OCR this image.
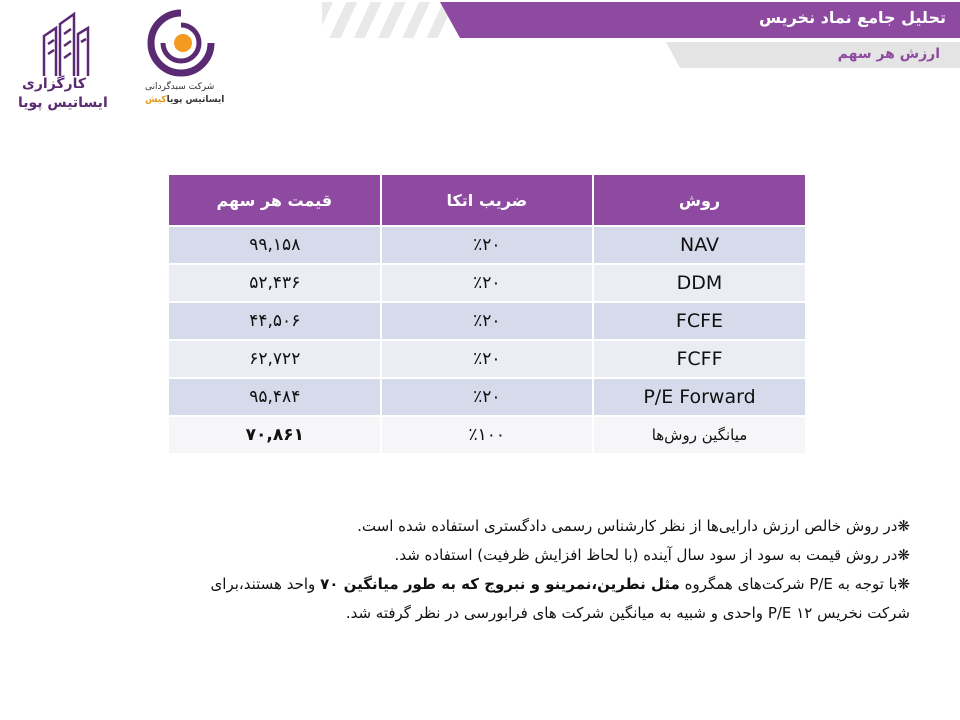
تحلیل جامع نماد نخریس
ارزش هر سهم
کارگزاری
ایساتیس پویا
شرکت سبدگردانی
ایساتیس پویاکیش
روش	ضریب اتکا	قیمت هر سهم
NAV	٪۲۰	۹۹,۱۵۸
DDM	٪۲۰	۵۲,۴۳۶
FCFE	٪۲۰	۴۴,۵۰۶
FCFF	٪۲۰	۶۲,۷۲۲
P/E Forward	٪۲۰	۹۵,۴۸۴
میانگین روش‌ها	٪۱۰۰	۷۰,۸۶۱

❋در روش خالص ارزش دارایی‌ها از نظر کارشناس رسمی دادگستری استفاده شده است.

❋در روش قیمت به سود از سود سال آینده (با لحاظ افزایش ظرفیت) استفاده شد.

❋با توجه به P/E شرکت‌های همگروه مثل نطرین،نمرینو و نبروج که به طور میانگین ۷۰ واحد هستند،برای

شرکت نخریس ۱۲ P/E واحدی و شبیه به میانگین شرکت های فرابورسی در نظر گرفته شد.
